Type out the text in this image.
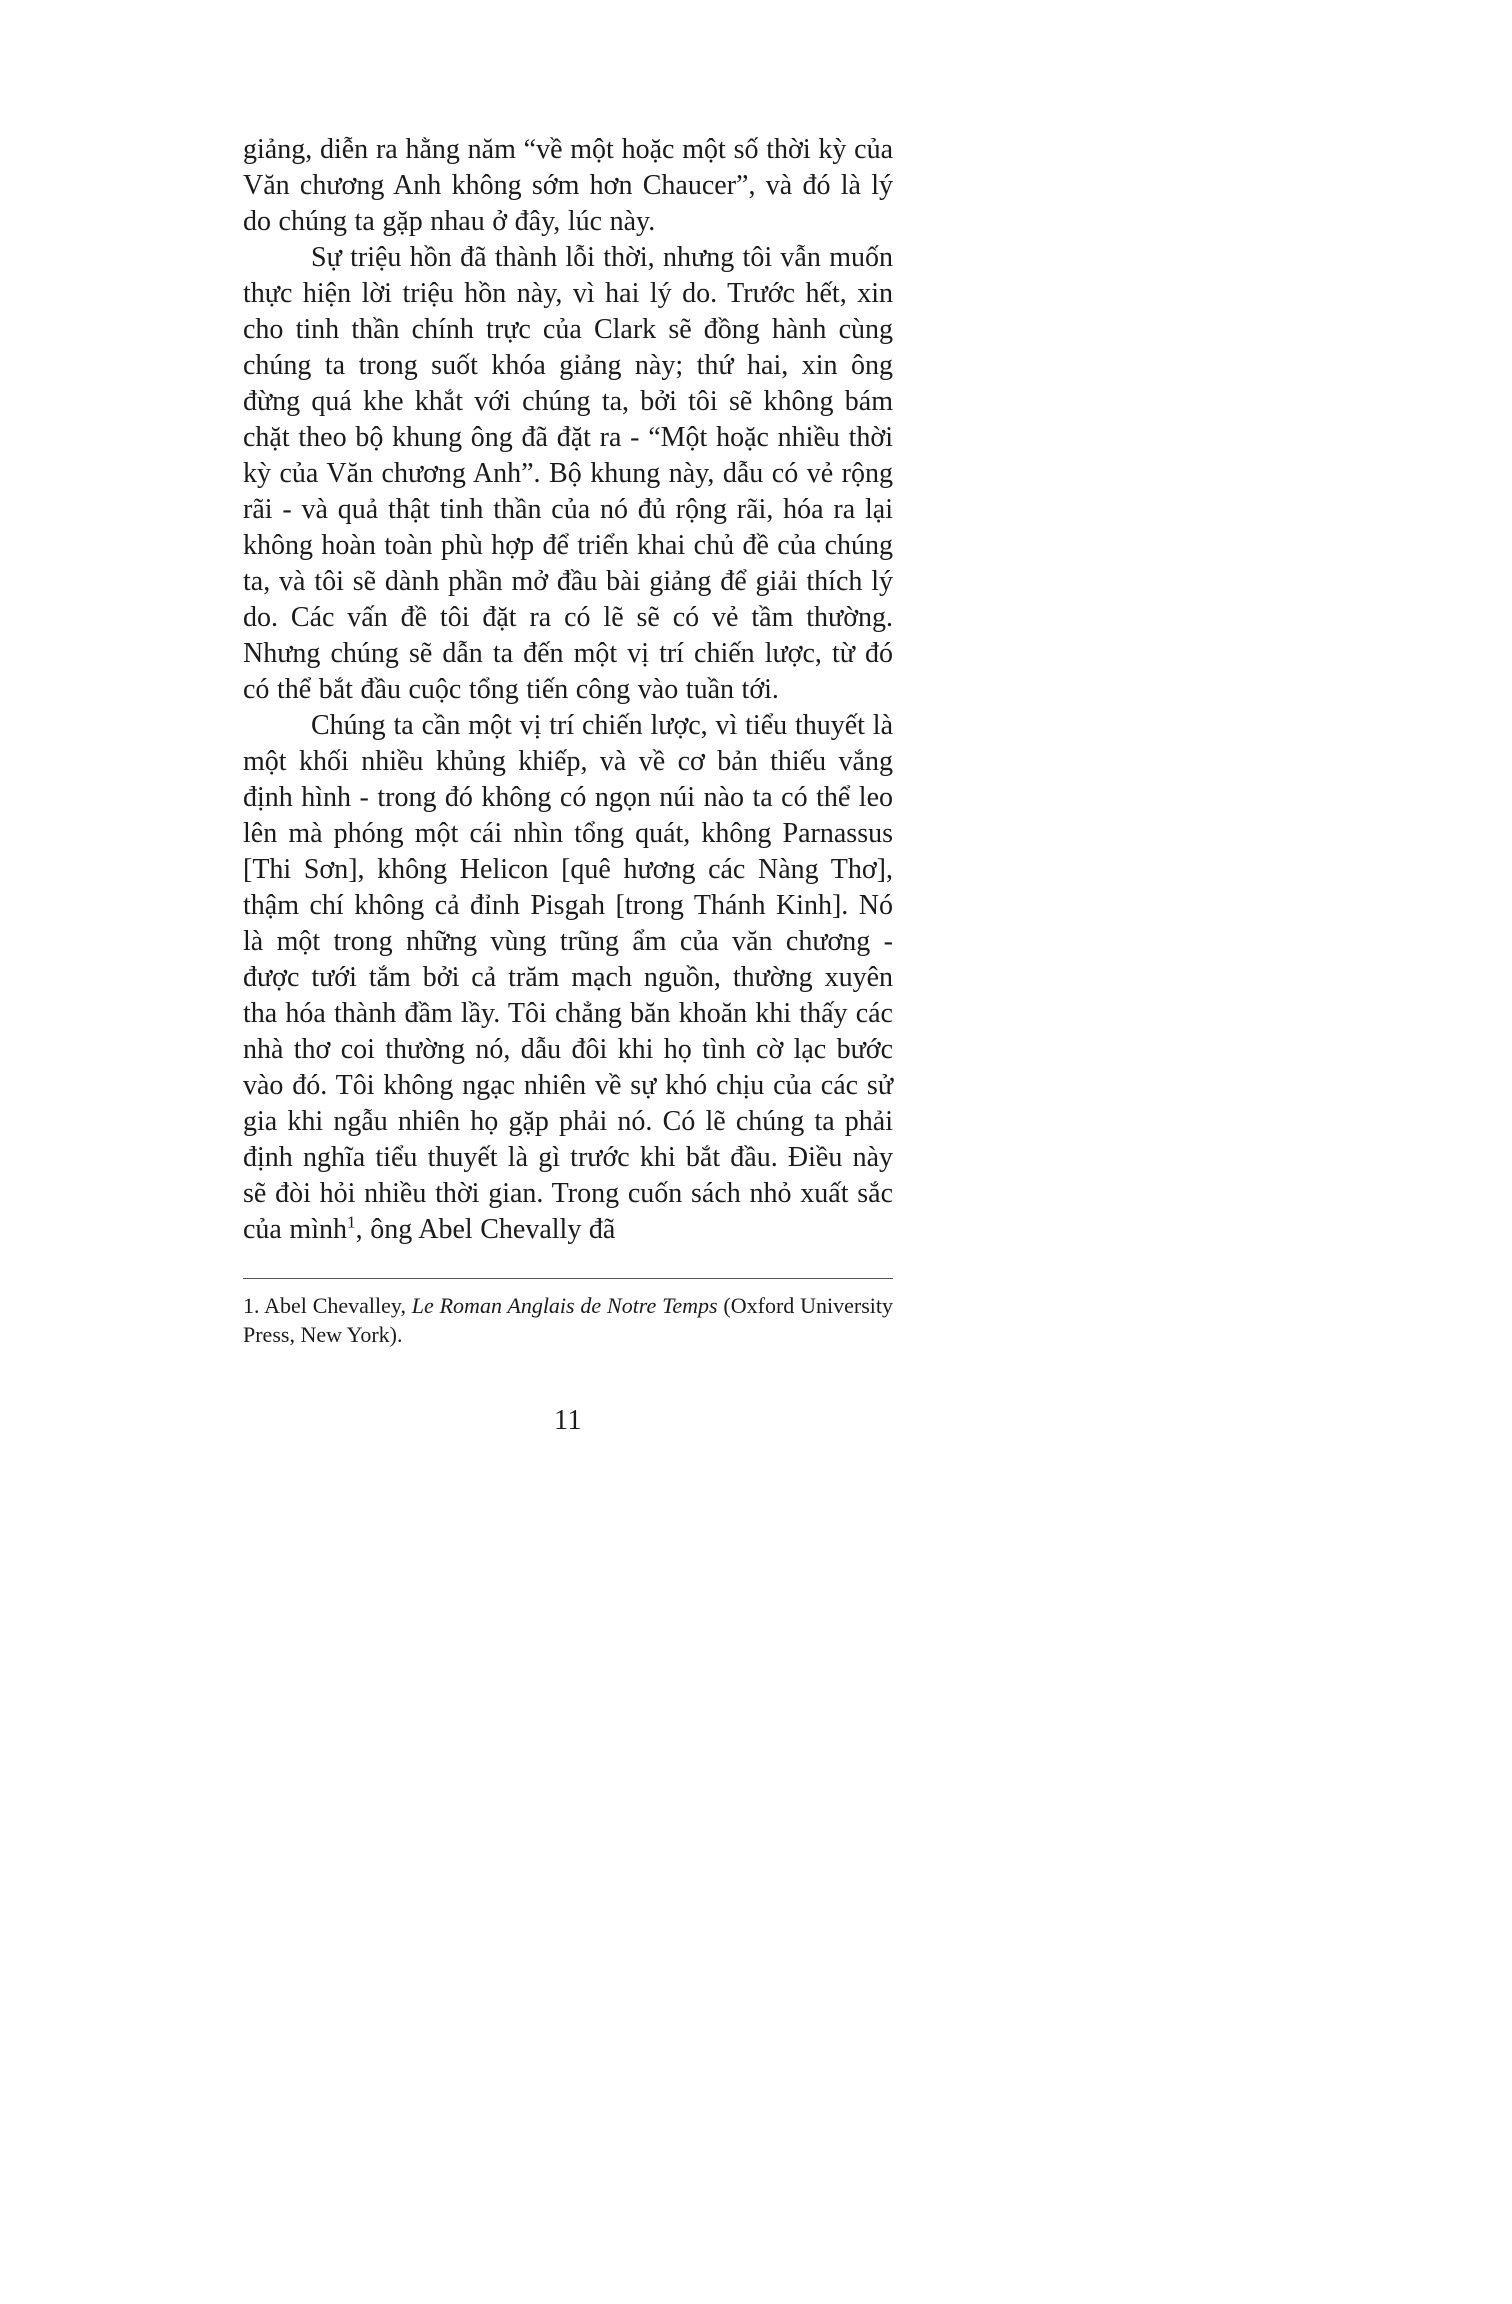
giảng, diễn ra hằng năm “về một hoặc một số thời kỳ của Văn chương Anh không sớm hơn Chaucer”, và đó là lý do chúng ta gặp nhau ở đây, lúc này.

Sự triệu hồn đã thành lỗi thời, nhưng tôi vẫn muốn thực hiện lời triệu hồn này, vì hai lý do. Trước hết, xin cho tinh thần chính trực của Clark sẽ đồng hành cùng chúng ta trong suốt khóa giảng này; thứ hai, xin ông đừng quá khe khắt với chúng ta, bởi tôi sẽ không bám chặt theo bộ khung ông đã đặt ra - “Một hoặc nhiều thời kỳ của Văn chương Anh”. Bộ khung này, dẫu có vẻ rộng rãi - và quả thật tinh thần của nó đủ rộng rãi, hóa ra lại không hoàn toàn phù hợp để triển khai chủ đề của chúng ta, và tôi sẽ dành phần mở đầu bài giảng để giải thích lý do. Các vấn đề tôi đặt ra có lẽ sẽ có vẻ tầm thường. Nhưng chúng sẽ dẫn ta đến một vị trí chiến lược, từ đó có thể bắt đầu cuộc tổng tiến công vào tuần tới.

Chúng ta cần một vị trí chiến lược, vì tiểu thuyết là một khối nhiều khủng khiếp, và về cơ bản thiếu vắng định hình - trong đó không có ngọn núi nào ta có thể leo lên mà phóng một cái nhìn tổng quát, không Parnassus [Thi Sơn], không Helicon [quê hương các Nàng Thơ], thậm chí không cả đỉnh Pisgah [trong Thánh Kinh]. Nó là một trong những vùng trũng ẩm của văn chương - được tưới tắm bởi cả trăm mạch nguồn, thường xuyên tha hóa thành đầm lầy. Tôi chẳng băn khoăn khi thấy các nhà thơ coi thường nó, dẫu đôi khi họ tình cờ lạc bước vào đó. Tôi không ngạc nhiên về sự khó chịu của các sử gia khi ngẫu nhiên họ gặp phải nó. Có lẽ chúng ta phải định nghĩa tiểu thuyết là gì trước khi bắt đầu. Điều này sẽ đòi hỏi nhiều thời gian. Trong cuốn sách nhỏ xuất sắc của mình$^1$, ông Abel Chevally đã

1. Abel Chevalley, Le Roman Anglais de Notre Temps (Oxford University Press, New York).

11
